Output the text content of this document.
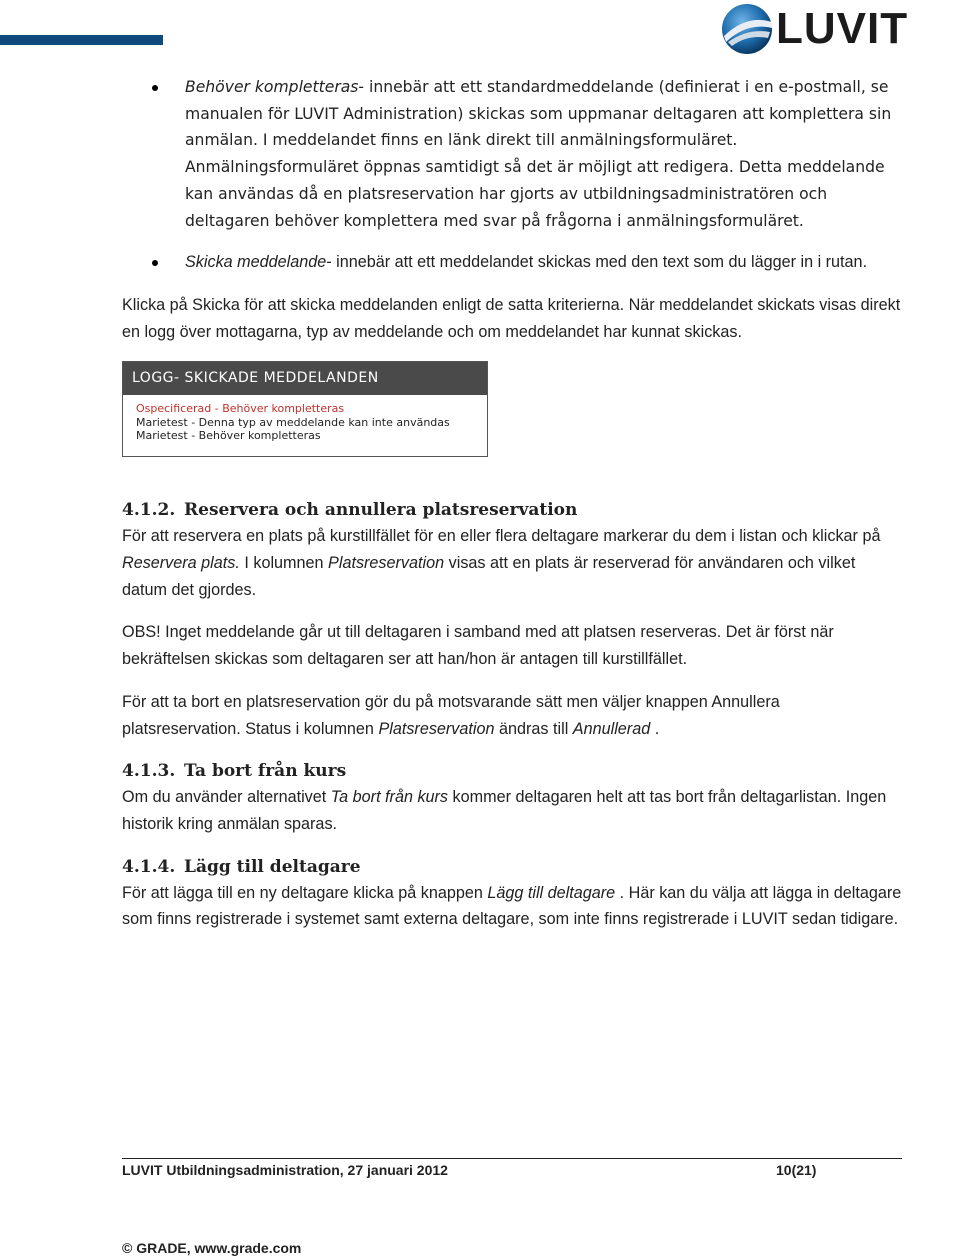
LUVIT
Behöver kompletteras- innebär att ett standardmeddelande (definierat i en e-postmall, se manualen för LUVIT Administration) skickas som uppmanar deltagaren att komplettera sin anmälan. I meddelandet finns en länk direkt till anmälningsformuläret. Anmälningsformuläret öppnas samtidigt så det är möjligt att redigera. Detta meddelande kan användas då en platsreservation har gjorts av utbildningsadministratören och deltagaren behöver komplettera med svar på frågorna i anmälningsformuläret.
Skicka meddelande- innebär att ett meddelandet skickas med den text som du lägger in i rutan.

Klicka på Skicka för att skicka meddelanden enligt de satta kriterierna. När meddelandet skickats visas direkt en logg över mottagarna, typ av meddelande och om meddelandet har kunnat skickas.

LOGG- SKICKADE MEDDELANDEN
Ospecificerad - Behöver kompletteras
Marietest - Denna typ av meddelande kan inte användas
Marietest - Behöver kompletteras
4.1.2. Reservera och annullera platsreservation

För att reservera en plats på kurstillfället för en eller flera deltagare markerar du dem i listan och klickar på Reservera plats. I kolumnen Platsreservation visas att en plats är reserverad för användaren och vilket datum det gjordes.

OBS! Inget meddelande går ut till deltagaren i samband med att platsen reserveras. Det är först när bekräftelsen skickas som deltagaren ser att han/hon är antagen till kurstillfället.

För att ta bort en platsreservation gör du på motsvarande sätt men väljer knappen Annullera platsreservation. Status i kolumnen Platsreservation ändras till Annullerad .

4.1.3. Ta bort från kurs

Om du använder alternativet Ta bort från kurs kommer deltagaren helt att tas bort från deltagarlistan. Ingen historik kring anmälan sparas.

4.1.4. Lägg till deltagare

För att lägga till en ny deltagare klicka på knappen Lägg till deltagare . Här kan du välja att lägga in deltagare som finns registrerade i systemet samt externa deltagare, som inte finns registrerade i LUVIT sedan tidigare.

LUVIT Utbildningsadministration, 27 januari 2012	10(21)
© GRADE, www.grade.com
